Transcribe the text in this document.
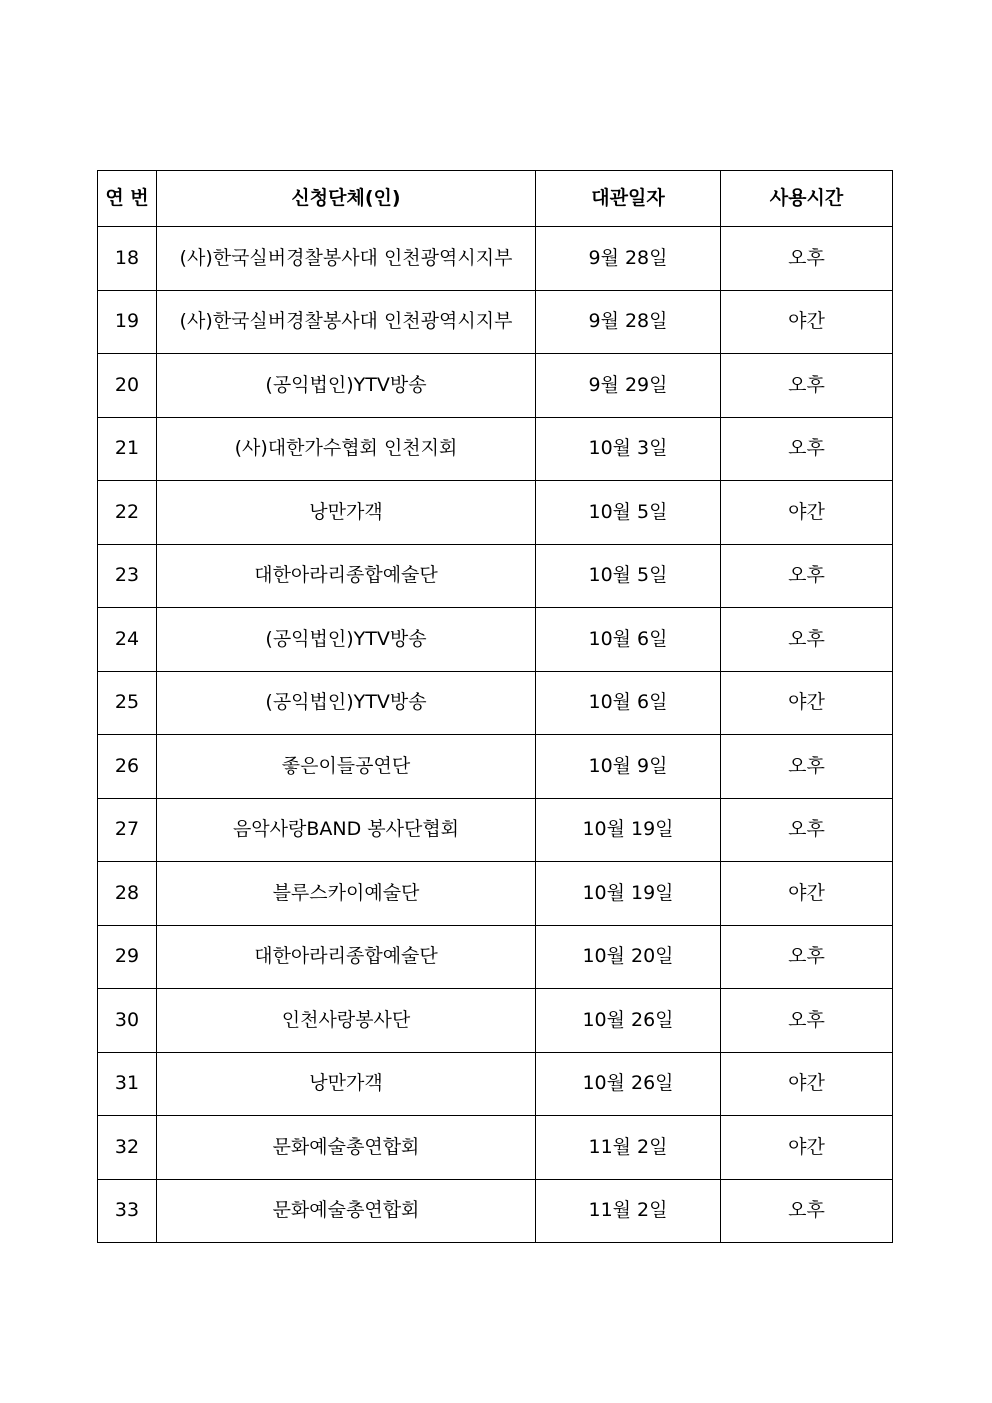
연 번	신청단체(인)	대관일자	사용시간
18	(사)한국실버경찰봉사대 인천광역시지부	9월 28일	오후
19	(사)한국실버경찰봉사대 인천광역시지부	9월 28일	야간
20	(공익법인)YTV방송	9월 29일	오후
21	(사)대한가수협회 인천지회	10월 3일	오후
22	낭만가객	10월 5일	야간
23	대한아라리종합예술단	10월 5일	오후
24	(공익법인)YTV방송	10월 6일	오후
25	(공익법인)YTV방송	10월 6일	야간
26	좋은이들공연단	10월 9일	오후
27	음악사랑BAND 봉사단협회	10월 19일	오후
28	블루스카이예술단	10월 19일	야간
29	대한아라리종합예술단	10월 20일	오후
30	인천사랑봉사단	10월 26일	오후
31	낭만가객	10월 26일	야간
32	문화예술총연합회	11월 2일	야간
33	문화예술총연합회	11월 2일	오후
